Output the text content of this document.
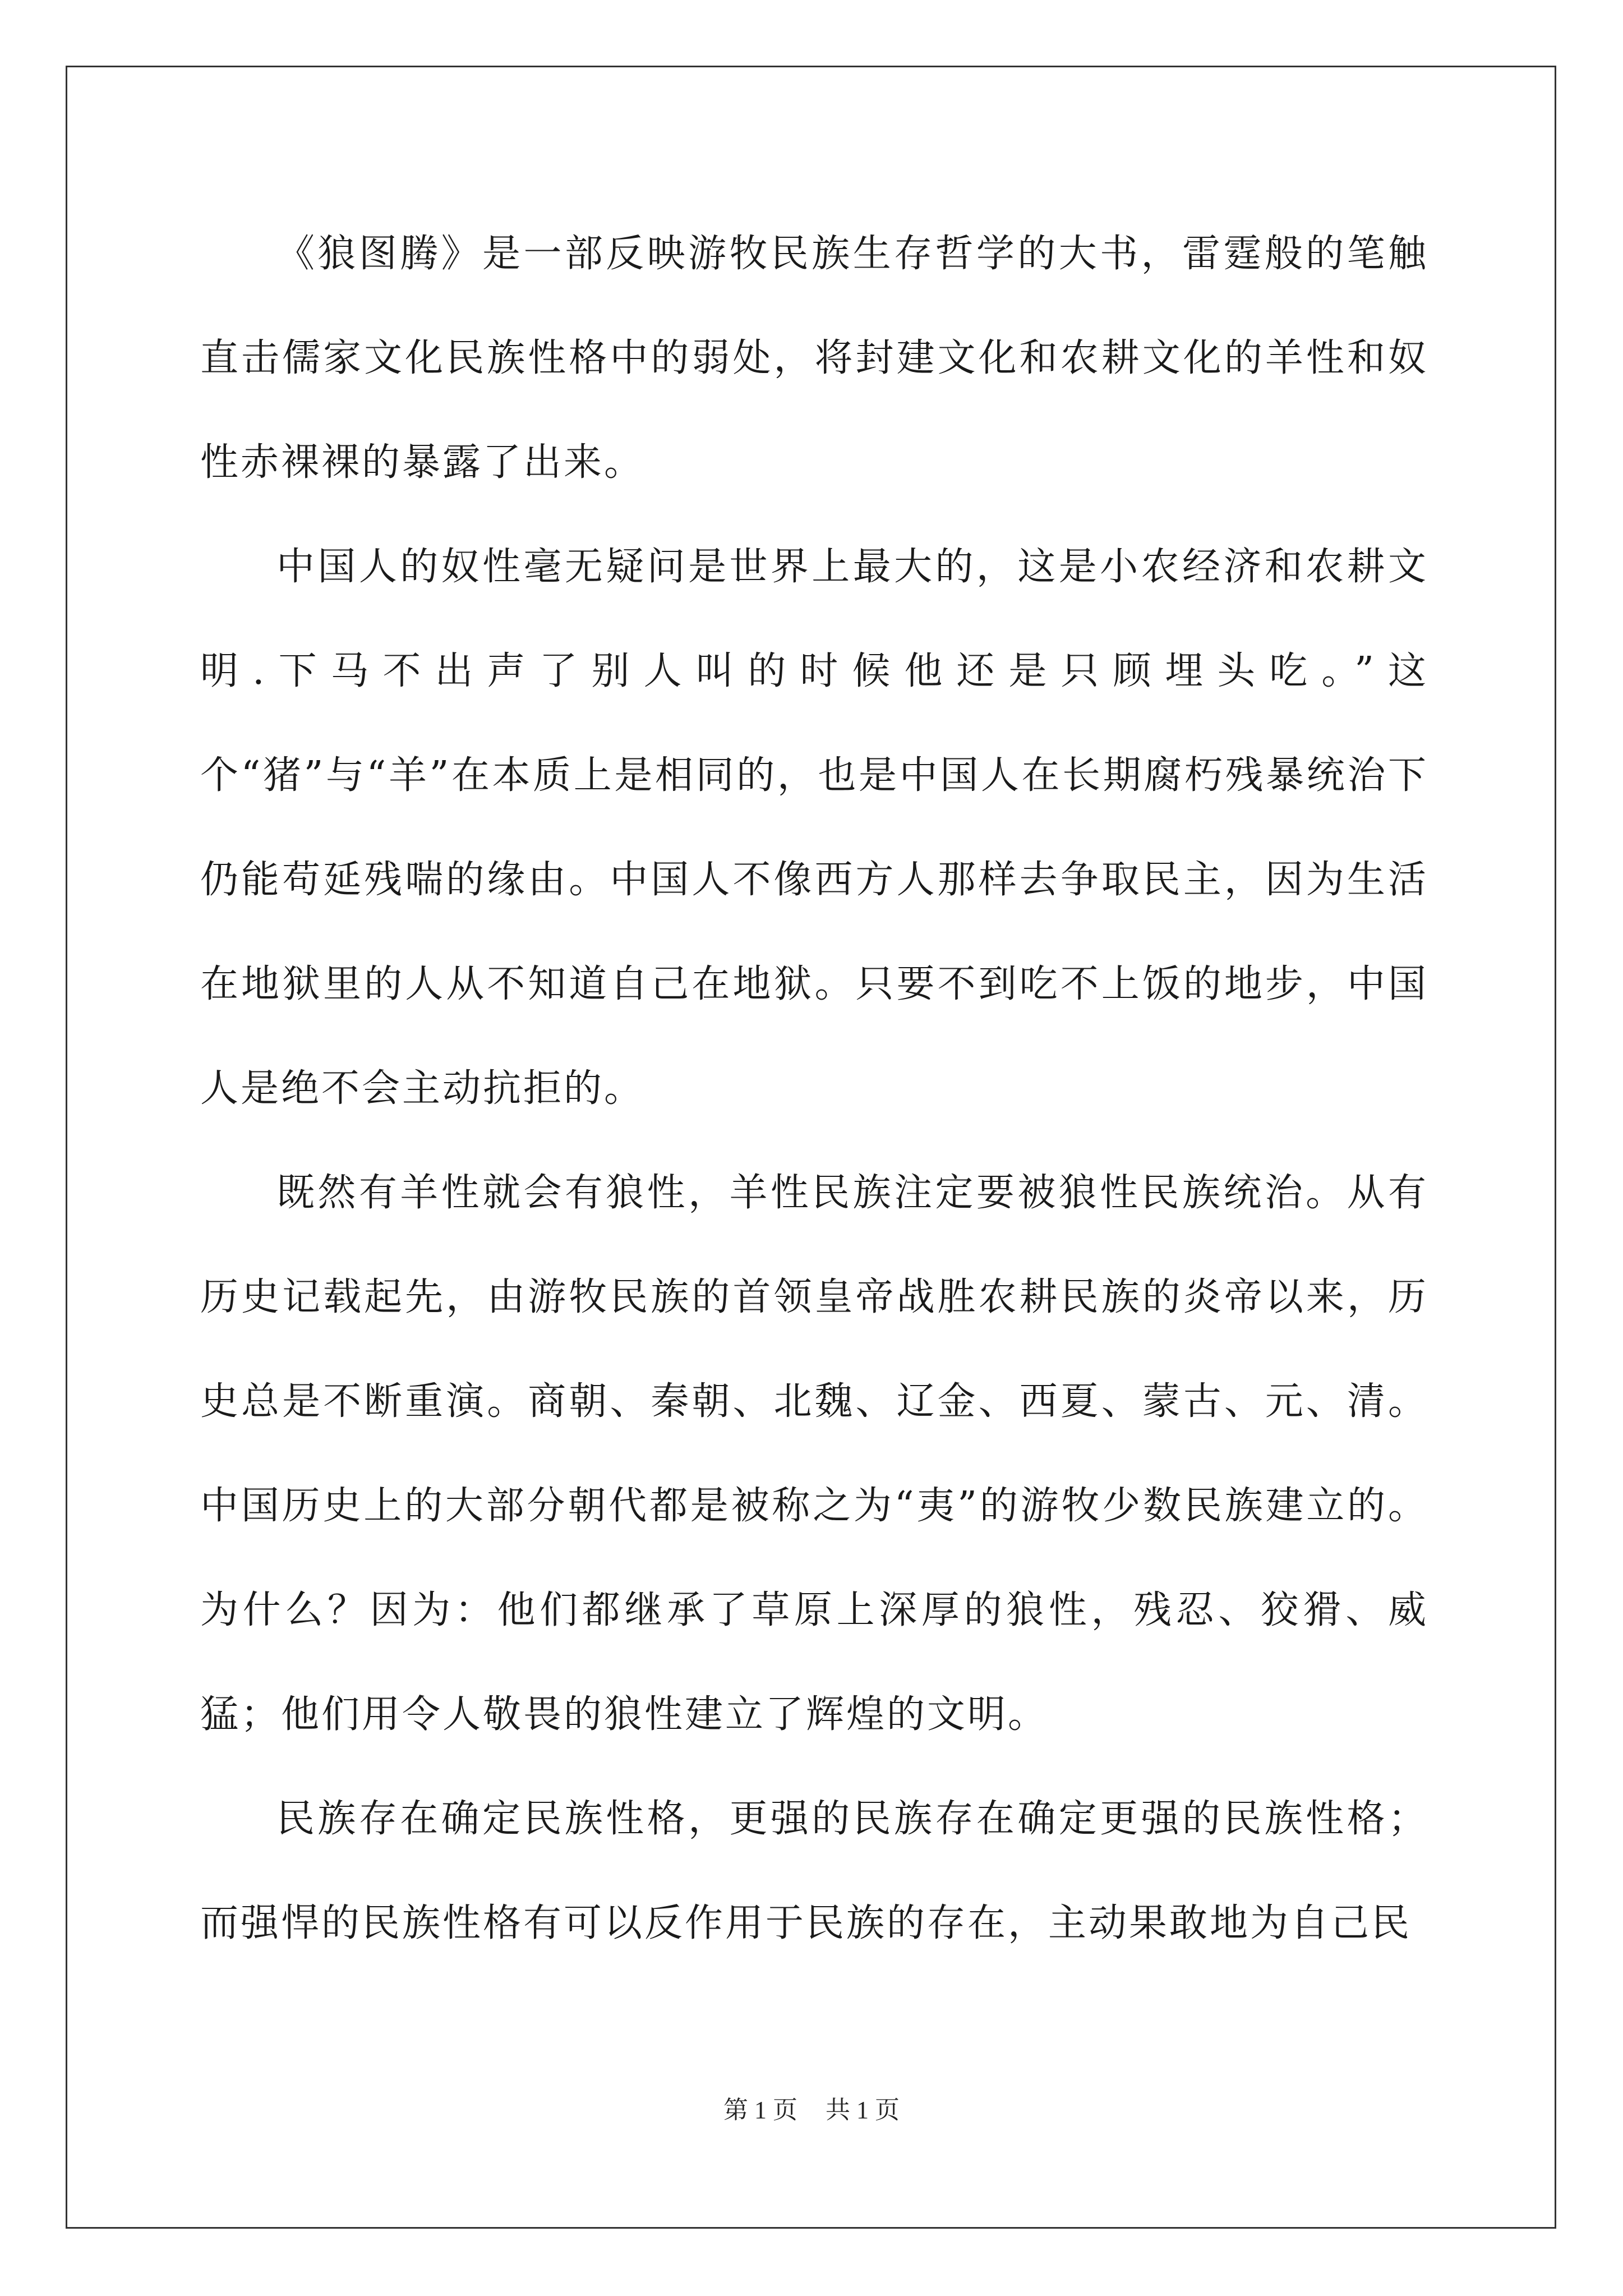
《狼图腾》是一部反映游牧民族生存哲学的大书，雷霆般的笔触直击儒家文化民族性格中的弱处，将封建文化和农耕文化的羊性和奴性赤裸裸的暴露了出来。

中国人的奴性毫无疑问是世界上最大的，这是小农经济和农耕文明.下马不出声了别人叫的时候他还是只顾埋头吃。”这个“猪”与“羊”在本质上是相同的，也是中国人在长期腐朽残暴统治下仍能苟延残喘的缘由。中国人不像西方人那样去争取民主，因为生活在地狱里的人从不知道自己在地狱。只要不到吃不上饭的地步，中国人是绝不会主动抗拒的。

既然有羊性就会有狼性，羊性民族注定要被狼性民族统治。从有历史记载起先，由游牧民族的首领皇帝战胜农耕民族的炎帝以来，历史总是不断重演。商朝、秦朝、北魏、辽金、西夏、蒙古、元、清。中国历史上的大部分朝代都是被称之为“夷”的游牧少数民族建立的。为什么？因为：他们都继承了草原上深厚的狼性，残忍、狡猾、威猛；他们用令人敬畏的狼性建立了辉煌的文明。

民族存在确定民族性格，更强的民族存在确定更强的民族性格；而强悍的民族性格有可以反作用于民族的存在，主动果敢地为自己民

第 1 页 共 1 页
